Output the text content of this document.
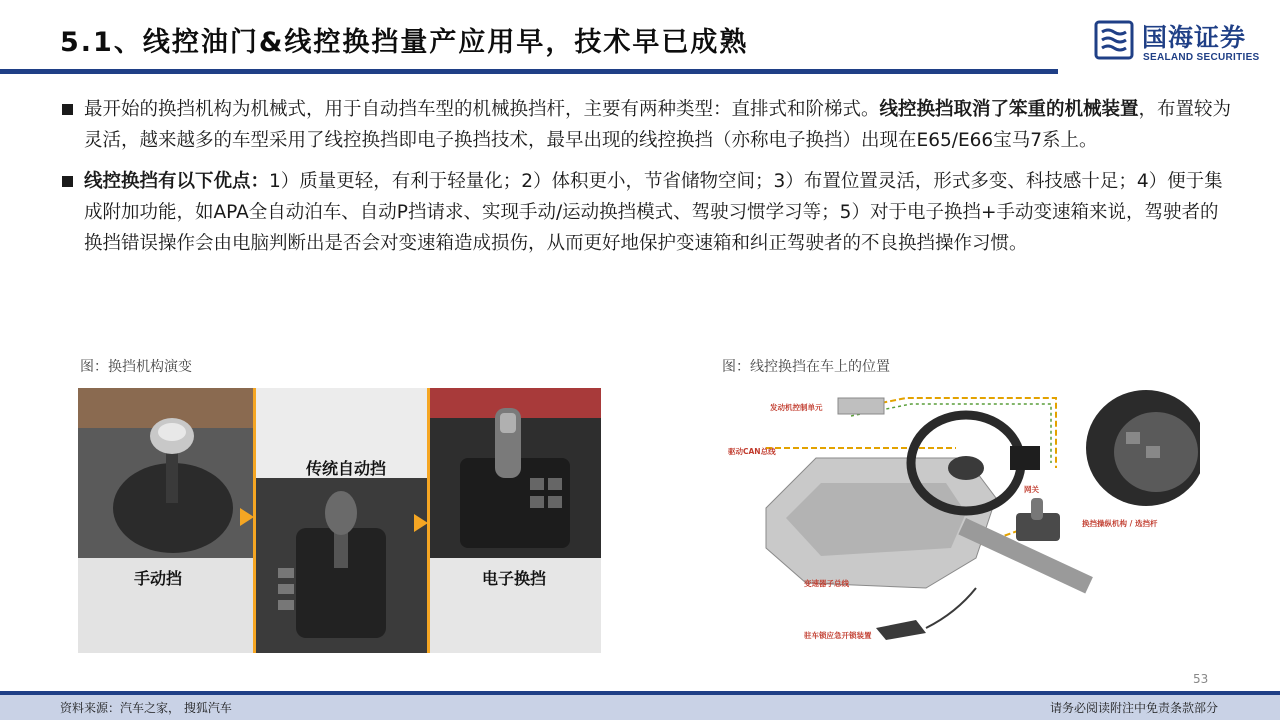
5.1、线控油门&线控换挡量产应用早，技术早已成熟	国海证券
SEALAND SECURITIES
最开始的换挡机构为机械式，用于自动挡车型的机械换挡杆，主要有两种类型：直排式和阶梯式。线控换挡取消了笨重的机械装置，布置较为灵活，越来越多的车型采用了线控换挡即电子换挡技术，最早出现的线控换挡（亦称电子换挡）出现在E65/E66宝马7系上。
线控换挡有以下优点：1）质量更轻，有利于轻量化；2）体积更小，节省储物空间；3）布置位置灵活，形式多变、科技感十足；4）便于集成附加功能，如APA全自动泊车、自动P挡请求、实现手动/运动换挡模式、驾驶习惯学习等；5）对于电子换挡+手动变速箱来说，驾驶者的换挡错误操作会由电脑判断出是否会对变速箱造成损伤，从而更好地保护变速箱和纠正驾驶者的不良换挡操作习惯。
图：换挡机构演变	图：线控换挡在车上的位置
手动挡
传统自动挡
电子换挡
发动机控制单元
驱动CAN总线
网关
换挡操纵机构 / 选挡杆
变速器子总线
驻车锁应急开锁装置
53
资料来源：汽车之家， 搜狐汽车	请务必阅读附注中免责条款部分
